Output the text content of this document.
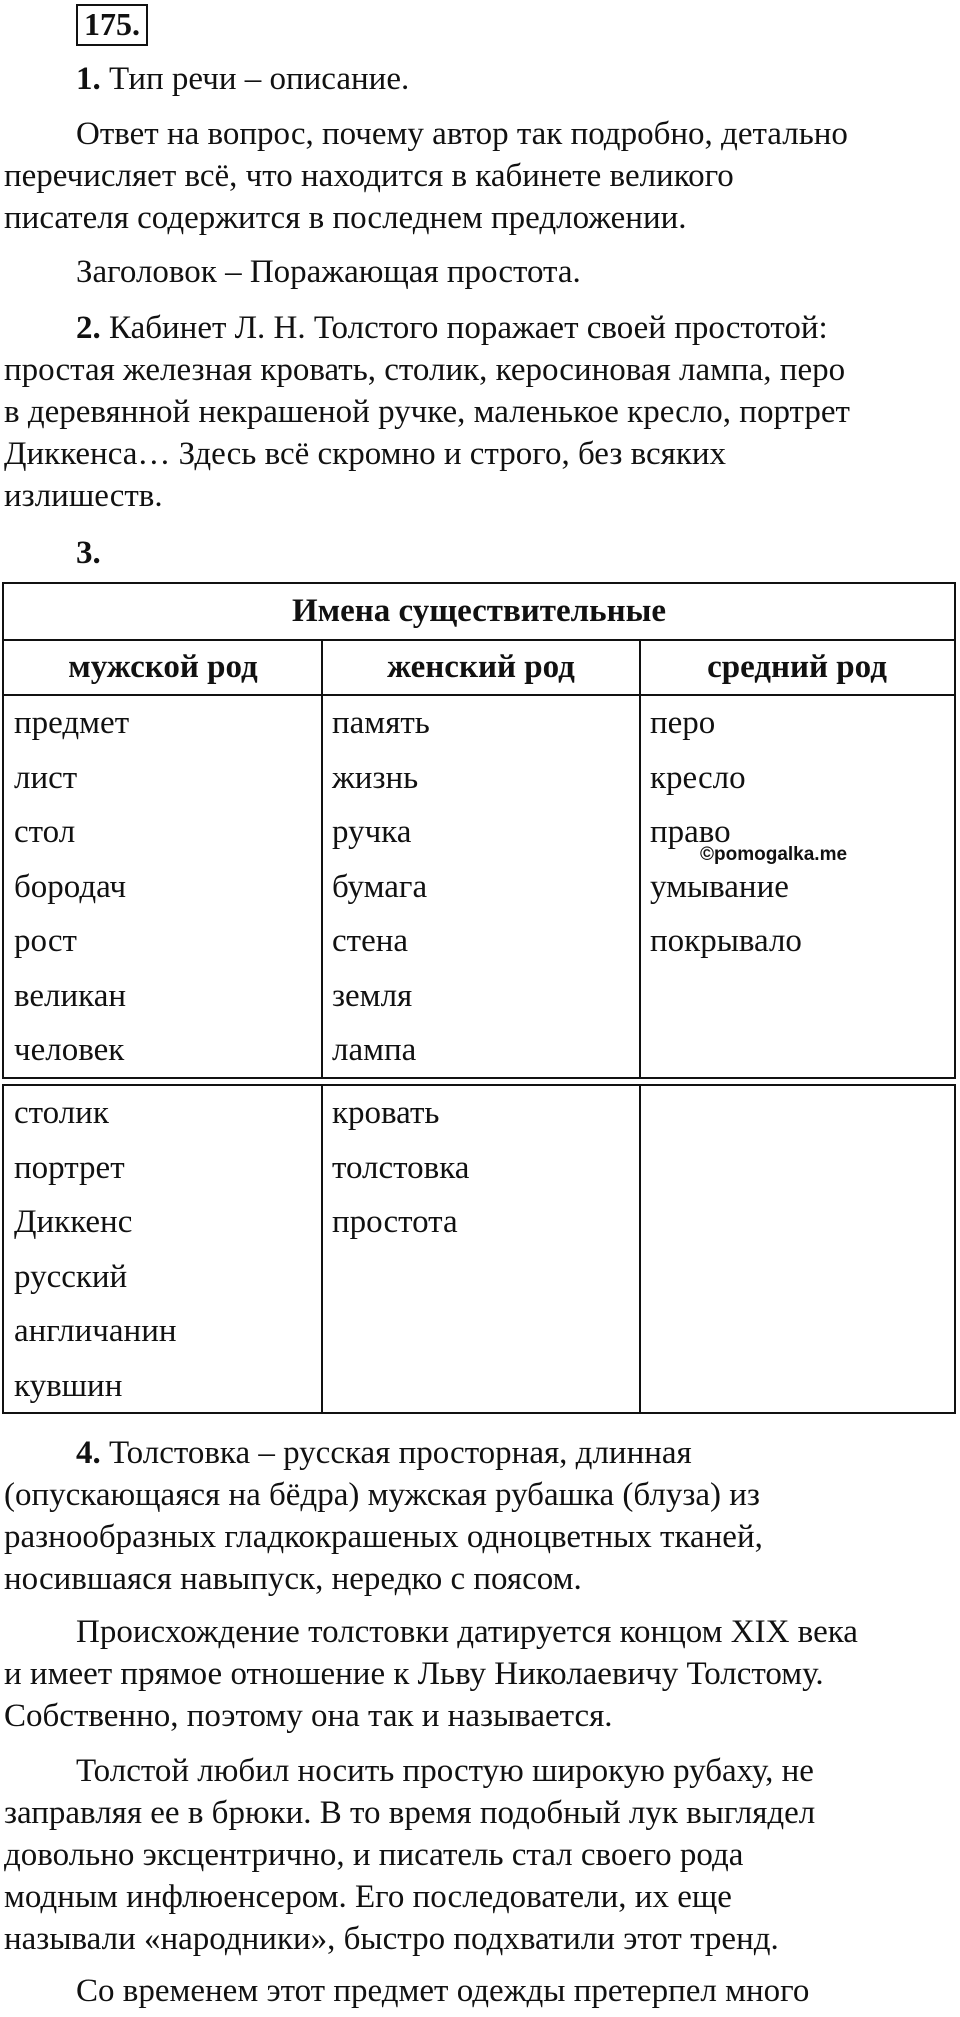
175.

1. Тип речи – описание.

Ответ на вопрос, почему автор так подробно, детально
перечисляет всё, что находится в кабинете великого
писателя содержится в последнем предложении.

Заголовок – Поражающая простота.

2. Кабинет Л. Н. Толстого поражает своей простотой:
простая железная кровать, столик, керосиновая лампа, перо
в деревянной некрашеной ручке, маленькое кресло, портрет
Диккенса… Здесь всё скромно и строго, без всяких
излишеств.

3.
Имена существительные
мужской род	женский род	средний род
предмет
лист
стол
бородач
рост
великан
человек
память
жизнь
ручка
бумага
стена
земля
лампа
перо
кресло
право
умывание
покрывало
©pomogalka.me
столик
портрет
Диккенс
русский
англичанин
кувшин
кровать
толстовка
простота

4. Толстовка – русская просторная, длинная
(опускающаяся на бёдра) мужская рубашка (блуза) из
разнообразных гладкокрашеных одноцветных тканей,
носившаяся навыпуск, нередко с поясом.

Происхождение толстовки датируется концом XIX века
и имеет прямое отношение к Льву Николаевичу Толстому.
Собственно, поэтому она так и называется.

Толстой любил носить простую широкую рубаху, не
заправляя ее в брюки. В то время подобный лук выглядел
довольно эксцентрично, и писатель стал своего рода
модным инфлюенсером. Его последователи, их еще
называли «народники», быстро подхватили этот тренд.

Со временем этот предмет одежды претерпел много
